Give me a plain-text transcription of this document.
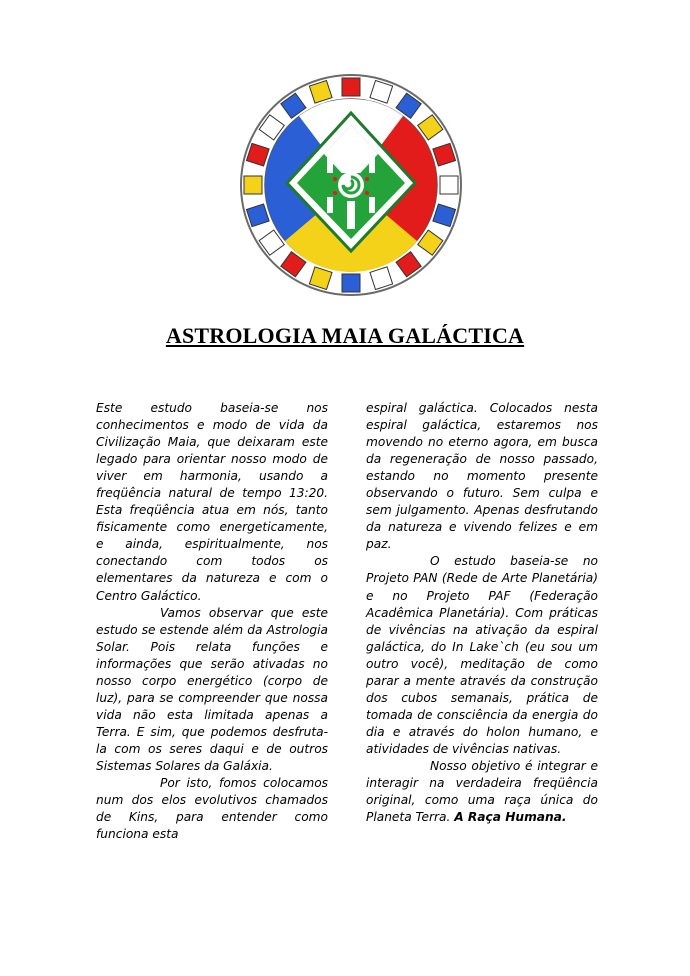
ASTROLOGIA MAIA GALÁCTICA

Este estudo baseia-se nos conhecimentos e modo de vida da Civilização Maia, que deixaram este legado para orientar nosso modo de viver em harmonia, usando a freqüência natural de tempo 13:20. Esta freqüência atua em nós, tanto fisicamente como energeticamente, e ainda, espiritualmente, nos conectando com todos os elementares da natureza e com o Centro Galáctico.

Vamos observar que este estudo se estende além da Astrologia Solar. Pois relata funções e informações que serão ativadas no nosso corpo energético (corpo de luz), para se compreender que nossa vida não esta limitada apenas a Terra. E sim, que podemos desfruta-la com os seres daqui e de outros Sistemas Solares da Galáxia.

Por isto, fomos colocamos num dos elos evolutivos chamados de Kins, para entender como funciona esta

espiral galáctica. Colocados nesta espiral galáctica, estaremos nos movendo no eterno agora, em busca da regeneração de nosso passado, estando no momento presente observando o futuro. Sem culpa e sem julgamento. Apenas desfrutando da natureza e vivendo felizes e em paz.

O estudo baseia-se no Projeto PAN (Rede de Arte Planetária) e no Projeto PAF (Federação Acadêmica Planetária). Com práticas de vivências na ativação da espiral galáctica, do In Lake`ch (eu sou um outro você), meditação de como parar a mente através da construção dos cubos semanais, prática de tomada de consciência da energia do dia e através do holon humano, e atividades de vivências nativas.

Nosso objetivo é integrar e interagir na verdadeira freqüência original, como uma raça única do Planeta Terra. A Raça Humana.
